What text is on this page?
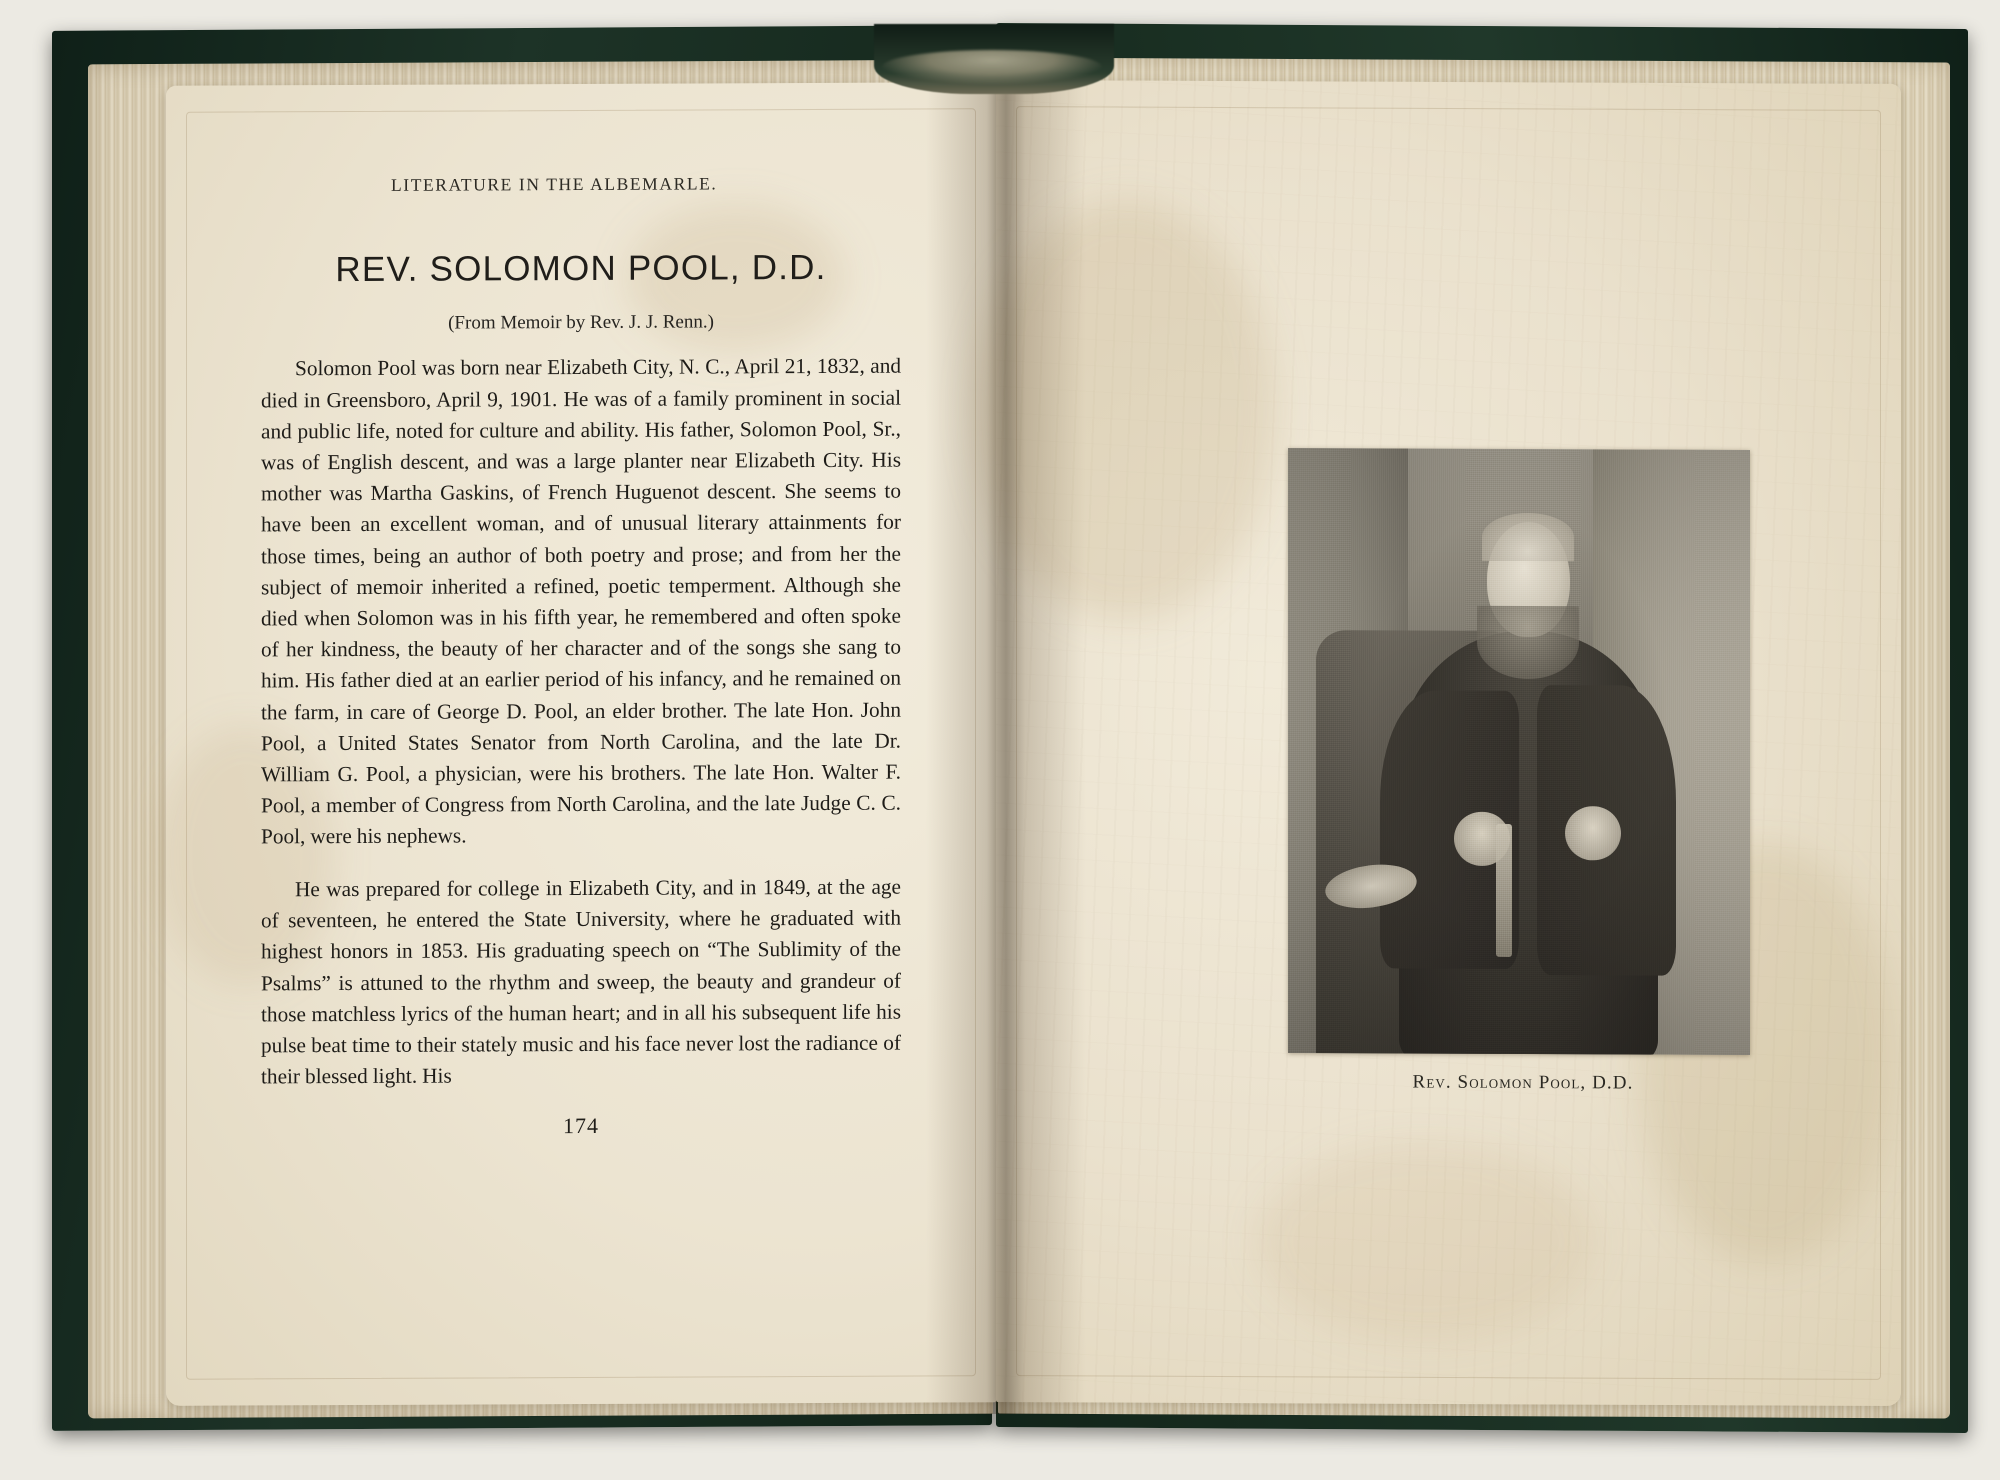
LITERATURE IN THE ALBEMARLE.
REV. SOLOMON POOL, D.D.
(From Memoir by Rev. J. J. Renn.)

Solomon Pool was born near Elizabeth City, N. C., April 21, 1832, and died in Greensboro, April 9, 1901. He was of a family prominent in social and public life, noted for culture and ability. His father, Solomon Pool, Sr., was of English descent, and was a large planter near Elizabeth City. His mother was Martha Gaskins, of French Huguenot descent. She seems to have been an excellent woman, and of unusual literary attainments for those times, being an author of both poetry and prose; and from her the subject of memoir inherited a refined, poetic temperment. Although she died when Solomon was in his fifth year, he remembered and often spoke of her kindness, the beauty of her character and of the songs she sang to him. His father died at an earlier period of his infancy, and he remained on the farm, in care of George D. Pool, an elder brother. The late Hon. John Pool, a United States Senator from North Carolina, and the late Dr. William G. Pool, a physician, were his brothers. The late Hon. Walter F. Pool, a member of Congress from North Carolina, and the late Judge C. C. Pool, were his nephews.

He was prepared for college in Elizabeth City, and in 1849, at the age of seventeen, he entered the State University, where he graduated with highest honors in 1853. His graduating speech on “The Sublimity of the Psalms” is attuned to the rhythm and sweep, the beauty and grandeur of those matchless lyrics of the human heart; and in all his subsequent life his pulse beat time to their stately music and his face never lost the radiance of their blessed light. His

174
Rev. Solomon Pool, D.D.
